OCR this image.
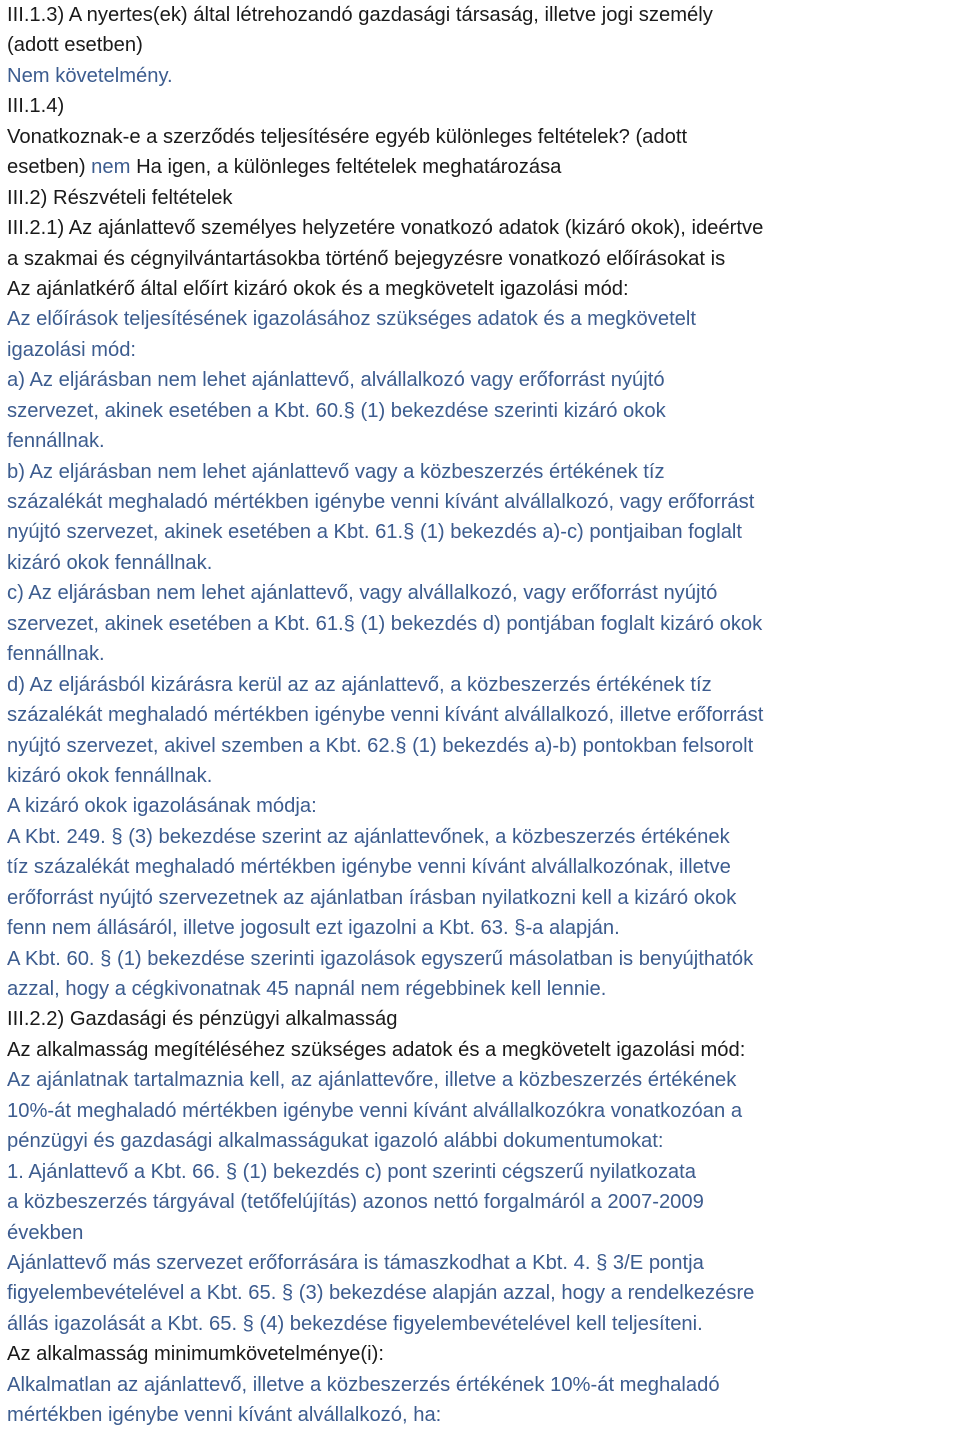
III.1.3) A nyertes(ek) által létrehozandó gazdasági társaság, illetve jogi személy
(adott esetben)
Nem követelmény.
III.1.4)
Vonatkoznak-e a szerződés teljesítésére egyéb különleges feltételek? (adott
esetben) nem Ha igen, a különleges feltételek meghatározása
III.2) Részvételi feltételek
III.2.1) Az ajánlattevő személyes helyzetére vonatkozó adatok (kizáró okok), ideértve
a szakmai és cégnyilvántartásokba történő bejegyzésre vonatkozó előírásokat is
Az ajánlatkérő által előírt kizáró okok és a megkövetelt igazolási mód:
Az előírások teljesítésének igazolásához szükséges adatok és a megkövetelt
igazolási mód:
a) Az eljárásban nem lehet ajánlattevő, alvállalkozó vagy erőforrást nyújtó
szervezet, akinek esetében a Kbt. 60.§ (1) bekezdése szerinti kizáró okok
fennállnak.
b) Az eljárásban nem lehet ajánlattevő vagy a közbeszerzés értékének tíz
százalékát meghaladó mértékben igénybe venni kívánt alvállalkozó, vagy erőforrást
nyújtó szervezet, akinek esetében a Kbt. 61.§ (1) bekezdés a)-c) pontjaiban foglalt
kizáró okok fennállnak.
c) Az eljárásban nem lehet ajánlattevő, vagy alvállalkozó, vagy erőforrást nyújtó
szervezet, akinek esetében a Kbt. 61.§ (1) bekezdés d) pontjában foglalt kizáró okok
fennállnak.
d) Az eljárásból kizárásra kerül az az ajánlattevő, a közbeszerzés értékének tíz
százalékát meghaladó mértékben igénybe venni kívánt alvállalkozó, illetve erőforrást
nyújtó szervezet, akivel szemben a Kbt. 62.§ (1) bekezdés a)-b) pontokban felsorolt
kizáró okok fennállnak.
A kizáró okok igazolásának módja:
A Kbt. 249. § (3) bekezdése szerint az ajánlattevőnek, a közbeszerzés értékének
tíz százalékát meghaladó mértékben igénybe venni kívánt alvállalkozónak, illetve
erőforrást nyújtó szervezetnek az ajánlatban írásban nyilatkozni kell a kizáró okok
fenn nem állásáról, illetve jogosult ezt igazolni a Kbt. 63. §-a alapján.
A Kbt. 60. § (1) bekezdése szerinti igazolások egyszerű másolatban is benyújthatók
azzal, hogy a cégkivonatnak 45 napnál nem régebbinek kell lennie.
III.2.2) Gazdasági és pénzügyi alkalmasság
Az alkalmasság megítéléséhez szükséges adatok és a megkövetelt igazolási mód:
Az ajánlatnak tartalmaznia kell, az ajánlattevőre, illetve a közbeszerzés értékének
10%-át meghaladó mértékben igénybe venni kívánt alvállalkozókra vonatkozóan a
pénzügyi és gazdasági alkalmasságukat igazoló alábbi dokumentumokat:
1. Ajánlattevő a Kbt. 66. § (1) bekezdés c) pont szerinti cégszerű nyilatkozata
a közbeszerzés tárgyával (tetőfelújítás) azonos nettó forgalmáról a 2007-2009
években
Ajánlattevő más szervezet erőforrására is támaszkodhat a Kbt. 4. § 3/E pontja
figyelembevételével a Kbt. 65. § (3) bekezdése alapján azzal, hogy a rendelkezésre
állás igazolását a Kbt. 65. § (4) bekezdése figyelembevételével kell teljesíteni.
Az alkalmasság minimumkövetelménye(i):
Alkalmatlan az ajánlattevő, illetve a közbeszerzés értékének 10%-át meghaladó
mértékben igénybe venni kívánt alvállalkozó, ha:
